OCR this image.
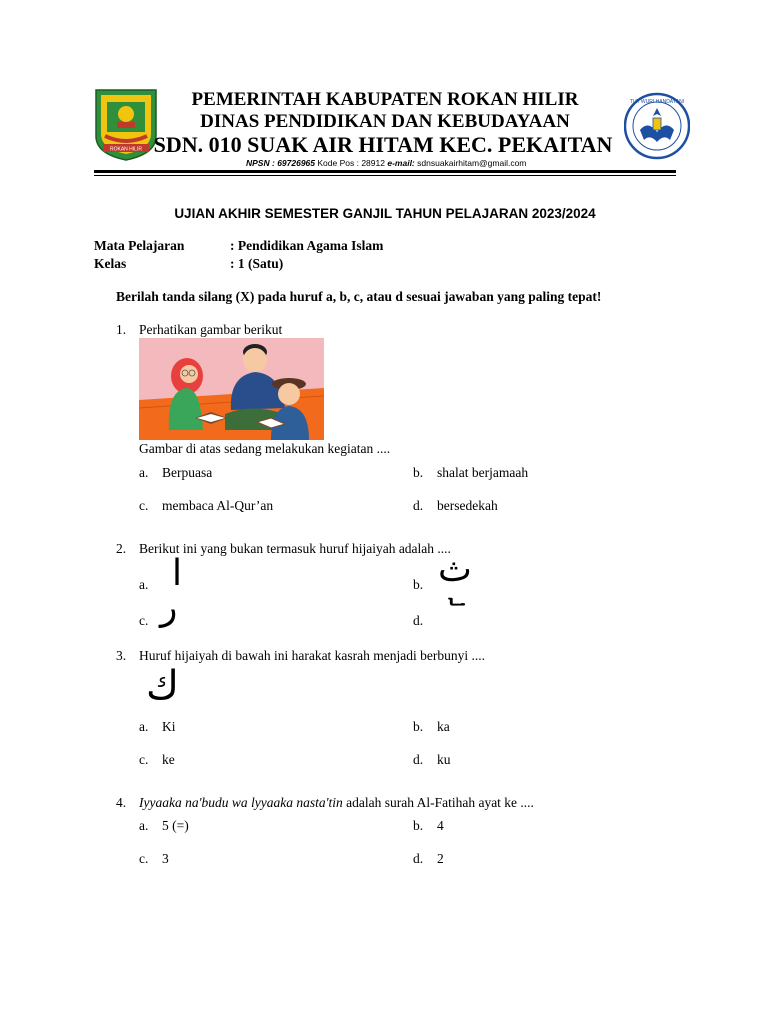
ROKAN HILIR
TUT WURI HANDAYANI
PEMERINTAH KABUPATEN ROKAN HILIR
DINAS PENDIDIKAN DAN KEBUDAYAAN
SDN. 010 SUAK AIR HITAM KEC. PEKAITAN
NPSN : 69726965 Kode Pos : 28912 e-mail: sdnsuakairhitam@gmail.com
UJIAN AKHIR SEMESTER GANJIL TAHUN PELAJARAN 2023/2024
Mata Pelajaran	: Pendidikan Agama Islam
Kelas	: 1 (Satu)
Berilah tanda silang (X) pada huruf a, b, c, atau d sesuai jawaban yang paling tepat!
1. Perhatikan gambar berikut
Gambar di atas sedang melakukan kegiatan ....
a. Berpuasa	b. shalat berjamaah
c. membaca Al-Qur’an	d. bersedekah
2. Berikut ini yang bukan termasuk huruf hijaiyah adalah ....
a. ا	b. ث
c. ر	d. ᄂ
3. Huruf hijaiyah di bawah ini harakat kasrah menjadi berbunyi ....
ك
a. Ki	b. ka
c. ke	d. ku
4. Iyyaaka na'budu wa lyyaaka nasta'tin adalah surah Al-Fatihah ayat ke ....
a. 5 (=)	b. 4
c. 3	d. 2
